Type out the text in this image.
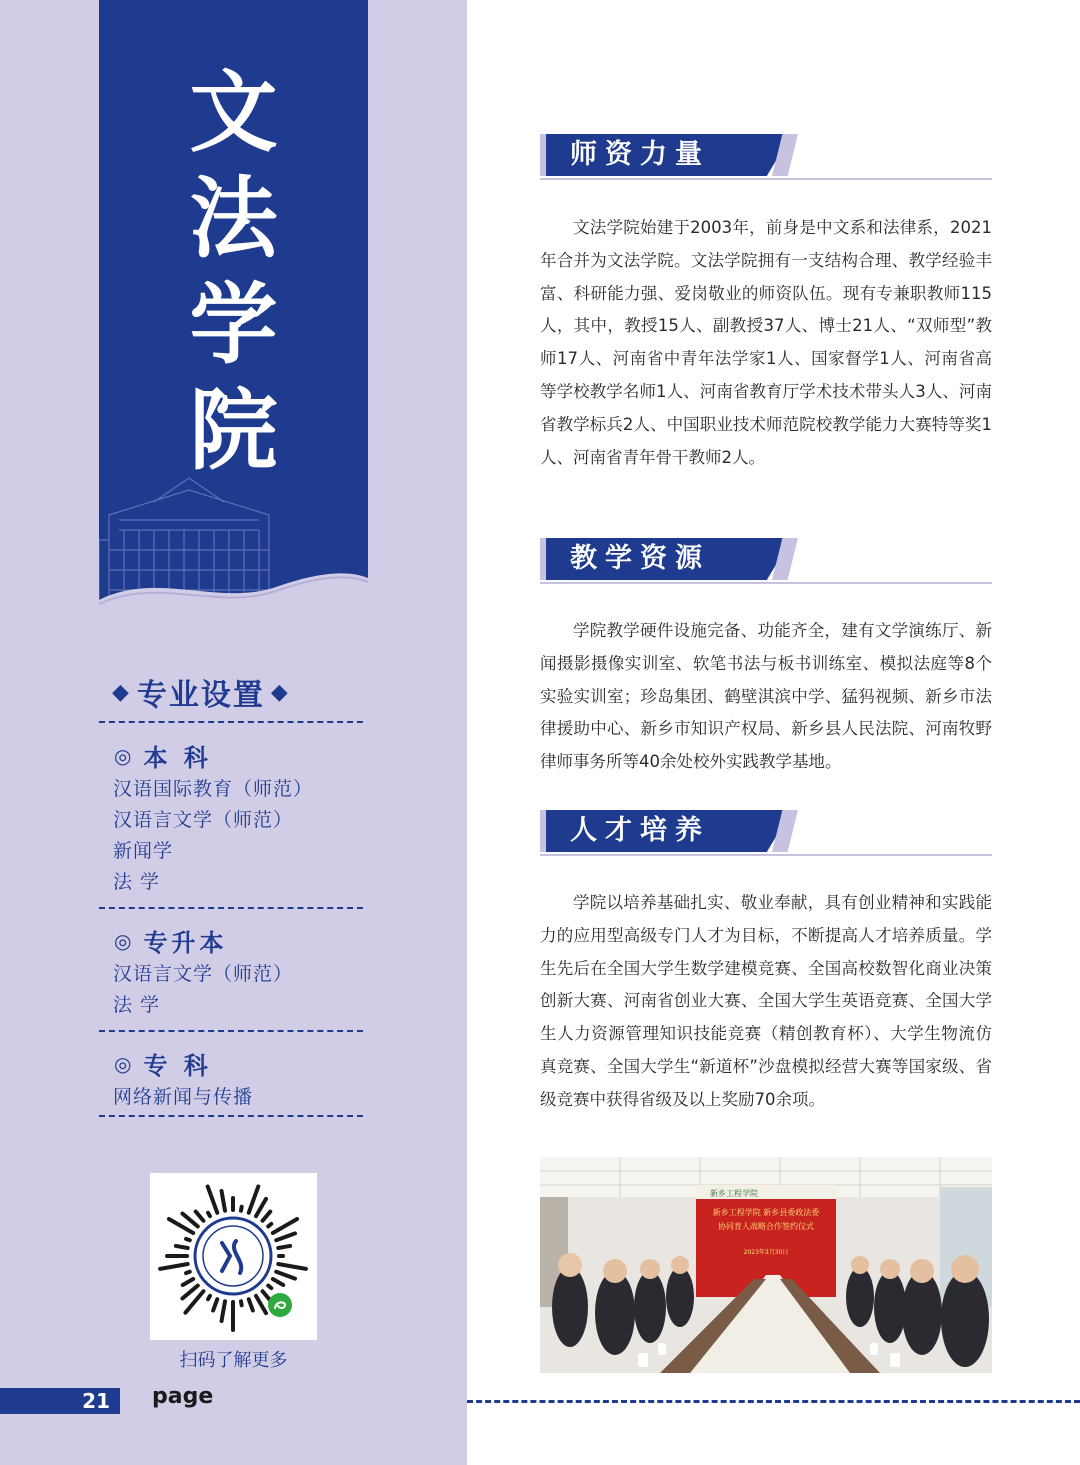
文
法
学
院
◆ 专业设置 ◆
◎ 本 科
汉语国际教育（师范）
汉语言文学（师范）
新闻学
法 学
◎ 专升本
汉语言文学（师范）
法 学
◎ 专 科
网络新闻与传播
扫码了解更多
21	page
师资力量

文法学院始建于2003年，前身是中文系和法律系，2021年合并为文法学院。文法学院拥有一支结构合理、教学经验丰富、科研能力强、爱岗敬业的师资队伍。现有专兼职教师115人，其中，教授15人、副教授37人、博士21人、“双师型”教师17人、河南省中青年法学家1人、国家督学1人、河南省高等学校教学名师1人、河南省教育厅学术技术带头人3人、河南省教学标兵2人、中国职业技术师范院校教学能力大赛特等奖1人、河南省青年骨干教师2人。

教学资源

学院教学硬件设施完备、功能齐全，建有文学演练厅、新闻摄影摄像实训室、软笔书法与板书训练室、模拟法庭等8个实验实训室；珍岛集团、鹤壁淇滨中学、猛犸视频、新乡市法律援助中心、新乡市知识产权局、新乡县人民法院、河南牧野律师事务所等40余处校外实践教学基地。

人才培养

学院以培养基础扎实、敬业奉献，具有创业精神和实践能力的应用型高级专门人才为目标，不断提高人才培养质量。学生先后在全国大学生数学建模竞赛、全国高校数智化商业决策创新大赛、河南省创业大赛、全国大学生英语竞赛、全国大学生人力资源管理知识技能竞赛（精创教育杯）、大学生物流仿真竞赛、全国大学生“新道杯”沙盘模拟经营大赛等国家级、省级竞赛中获得省级及以上奖励70余项。

新乡工程学院
新乡工程学院 新乡县委政法委
协同育人战略合作签约仪式
2023年3月30日
